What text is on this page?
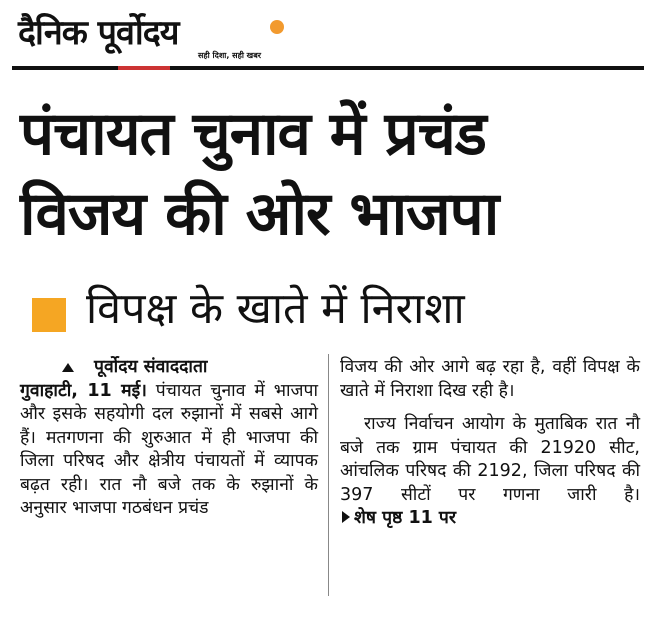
दैनिक पूर्वोदय
सही दिशा, सही खबर
पंचायत चुनाव में प्रचंड
विजय की ओर भाजपा
विपक्ष के खाते में निराशा
पूर्वोदय संवाददाता
गुवाहाटी, 11 मई। पंचायत चुनाव में भाजपा और इसके सहयोगी दल रुझानों में सबसे आगे हैं। मतगणना की शुरुआत में ही भाजपा की जिला परिषद और क्षेत्रीय पंचायतों में व्यापक बढ़त रही। रात नौ बजे तक के रुझानों के अनुसार भाजपा गठबंधन प्रचंड
विजय की ओर आगे बढ़ रहा है, वहीं विपक्ष के खाते में निराशा दिख रही है।
राज्य निर्वाचन आयोग के मुताबिक रात नौ बजे तक ग्राम पंचायत की 21920 सीट, आंचलिक परिषद की 2192, जिला परिषद की 397 सीटों पर गणना जारी है। शेष पृष्ठ 11 पर
